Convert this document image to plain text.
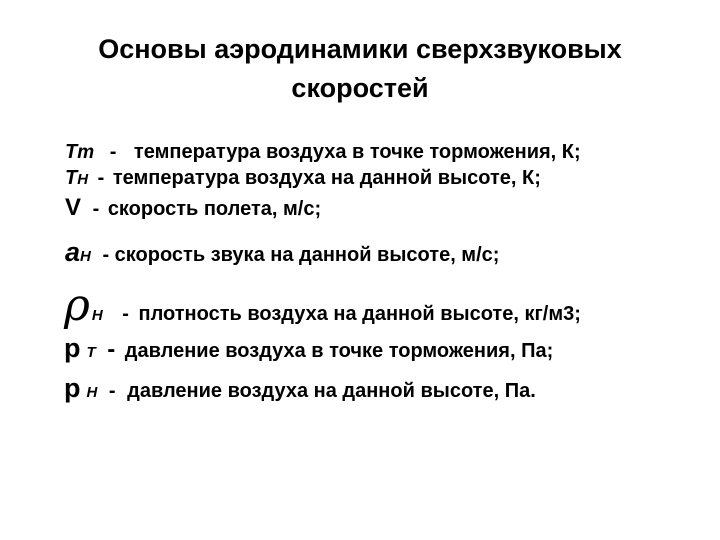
Основы аэродинамики сверхзвуковых
скоростей
Tт - температура воздуха в точке торможения, К;
TН - температура воздуха на данной высоте, К;
V - скорость полета, м/с;
aН - скорость звука на данной высоте, м/с;
ρ Н - плотность воздуха на данной высоте, кг/м3;
p Т - давление воздуха в точке торможения, Па;
p Н - давление воздуха на данной высоте, Па.
